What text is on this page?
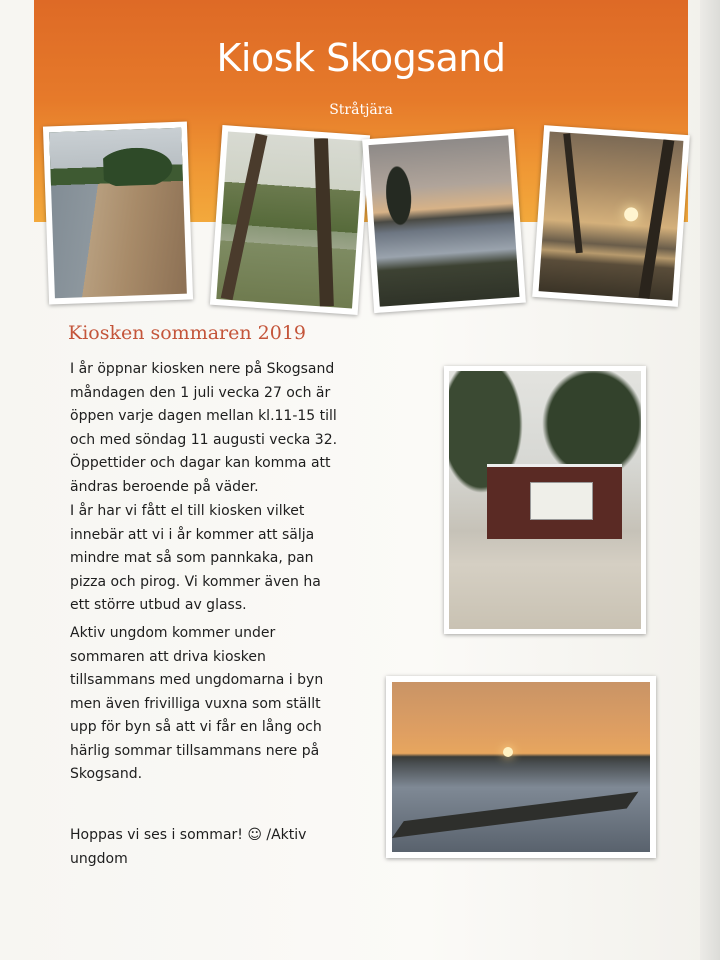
Kiosk Skogsand
Stråtjära
Kiosken sommaren 2019
I år öppnar kiosken nere på Skogsand
måndagen den 1 juli vecka 27 och är
öppen varje dagen mellan kl.11-15 till
och med söndag 11 augusti vecka 32.
Öppettider och dagar kan komma att
ändras beroende på väder.
I år har vi fått el till kiosken vilket
innebär att vi i år kommer att sälja
mindre mat så som pannkaka, pan
pizza och pirog. Vi kommer även ha
ett större utbud av glass.
Aktiv ungdom kommer under
sommaren att driva kiosken
tillsammans med ungdomarna i byn
men även frivilliga vuxna som ställt
upp för byn så att vi får en lång och
härlig sommar tillsammans nere på
Skogsand.
Hoppas vi ses i sommar! ☺ /Aktiv
ungdom
